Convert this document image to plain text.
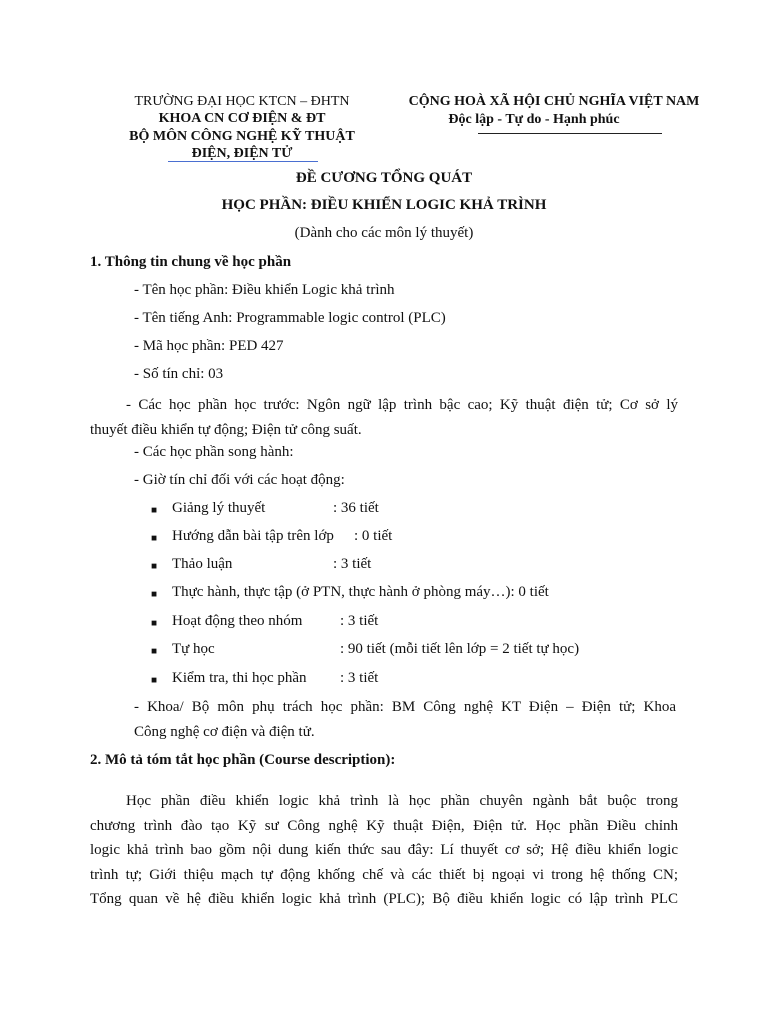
TRƯỜNG ĐẠI HỌC KTCN – ĐHTN
KHOA CN CƠ ĐIỆN & ĐT
BỘ MÔN CÔNG NGHỆ KỸ THUẬT
ĐIỆN, ĐIỆN TỬ
CỘNG HOÀ XÃ HỘI CHỦ NGHĨA VIỆT NAM
Độc lập - Tự do - Hạnh phúc
ĐỀ CƯƠNG TỔNG QUÁT
HỌC PHẦN: ĐIỀU KHIỂN LOGIC KHẢ TRÌNH
(Dành cho các môn lý thuyết)
1. Thông tin chung về học phần
- Tên học phần: Điều khiển Logic khả trình
- Tên tiếng Anh: Programmable logic control (PLC)
- Mã học phần: PED 427
- Số tín chỉ: 03
- Các học phần học trước: Ngôn ngữ lập trình bậc cao; Kỹ thuật điện tử; Cơ sở lý
thuyết điều khiển tự động; Điện tử công suất.
- Các học phần song hành:
- Giờ tín chỉ đối với các hoạt động:
■ Giảng lý thuyết	: 36 tiết
■ Hướng dẫn bài tập trên lớp : 0 tiết
■ Thảo luận	: 3 tiết
■ Thực hành, thực tập (ở PTN, thực hành ở phòng máy…): 0 tiết
■ Hoạt động theo nhóm	: 3 tiết
■ Tự học	: 90 tiết (mỗi tiết lên lớp = 2 tiết tự học)
■ Kiểm tra, thi học phần : 3 tiết
- Khoa/ Bộ môn phụ trách học phần: BM Công nghệ KT Điện – Điện tử; Khoa
Công nghệ cơ điện và điện tử.
2. Mô tả tóm tắt học phần (Course description):
Học phần điều khiển logic khả trình là học phần chuyên ngành bắt buộc trong
chương trình đào tạo Kỹ sư Công nghệ Kỹ thuật Điện, Điện tử. Học phần Điều chỉnh
logic khả trình bao gồm nội dung kiến thức sau đây: Lí thuyết cơ sở; Hệ điều khiển logic
trình tự; Giới thiệu mạch tự động khống chế và các thiết bị ngoại vi trong hệ thống CN;
Tổng quan về hệ điều khiển logic khả trình (PLC); Bộ điều khiển logic có lập trình PLC
